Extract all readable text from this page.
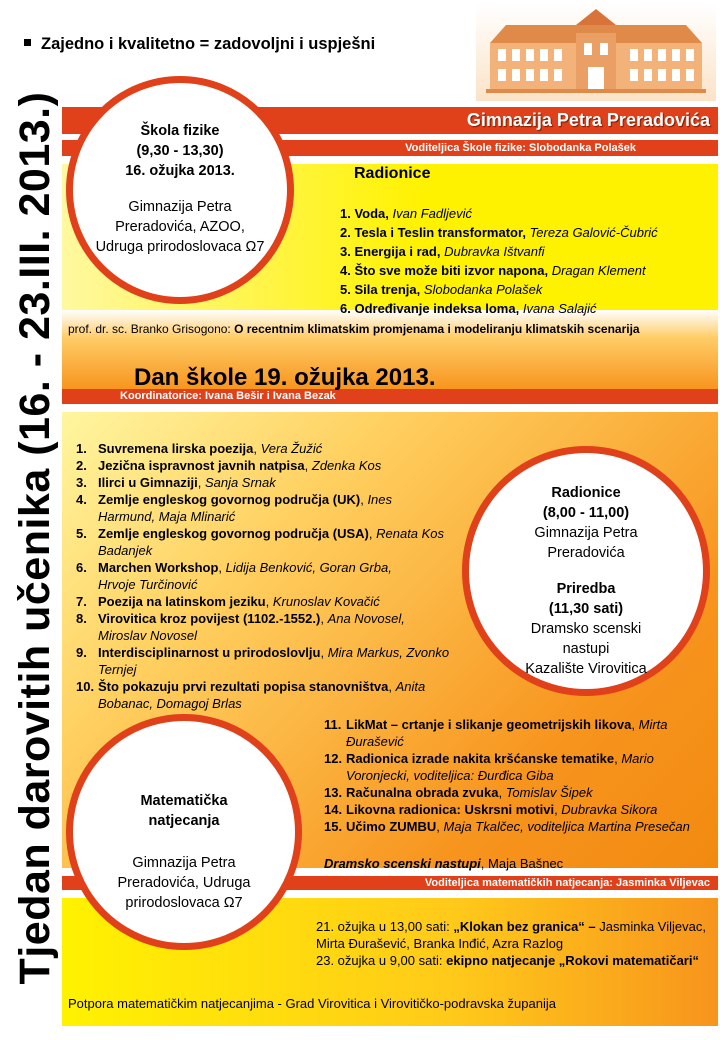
Gimnazija Petra Preradovića
Voditeljica Škole fizike: Slobodanka Polašek
Koordinatorice: Ivana Bešir i Ivana Bezak
Voditeljica matematičkih natjecanja: Jasminka Viljevac
Tjedan darovitih učenika (16. - 23.III. 2013.)
Zajedno i kvalitetno = zadovoljni i uspješni
Škola fizike
(9,30 - 13,30)
16. ožujka 2013.
Gimnazija Petra Preradovića, AZOO, Udruga prirodoslovaca Ω7
Radionice
1. Voda, Ivan Fadljević
2. Tesla i Teslin transformator, Tereza Galović-Čubrić
3. Energija i rad, Dubravka Ištvanfi
4. Što sve može biti izvor napona, Dragan Klement
5. Sila trenja, Slobodanka Polašek
6. Određivanje indeksa loma, Ivana Salajić
prof. dr. sc. Branko Grisogono: O recentnim klimatskim promjenama i modeliranju klimatskih scenarija
Dan škole 19. ožujka 2013.
1. Suvremena lirska poezija, Vera Žužić
2. Jezična ispravnost javnih natpisa, Zdenka Kos
3. Ilirci u Gimnaziji, Sanja Srnak
4. Zemlje engleskog govornog područja (UK), Ines Harmund, Maja Mlinarić
5. Zemlje engleskog govornog područja (USA), Renata Kos Badanjek
6. Marchen Workshop, Lidija Benković, Goran Grba, Hrvoje Turčinović
7. Poezija na latinskom jeziku, Krunoslav Kovačić
8. Virovitica kroz povijest (1102.-1552.), Ana Novosel, Miroslav Novosel
9. Interdisciplinarnost u prirodoslovlju, Mira Markus, Zvonko Ternjej
10. Što pokazuju prvi rezultati popisa stanovništva, Anita Bobanac, Domagoj Brlas
Radionice
(8,00 - 11,00)
Gimnazija Petra Preradovića
Priredba
(11,30 sati)
Dramsko scenski nastupi
Kazalište Virovitica
11. LikMat – crtanje i slikanje geometrijskih likova, Mirta Đurašević
12. Radionica izrade nakita kršćanske tematike, Mario Voronjecki, voditeljica: Đurđica Giba
13. Računalna obrada zvuka, Tomislav Šipek
14. Likovna radionica: Uskrsni motivi, Dubravka Sikora
15. Učimo ZUMBU, Maja Tkalčec, voditeljica Martina Presečan
Dramsko scenski nastupi, Maja Bašnec
Matematička natjecanja
Gimnazija Petra Preradovića, Udruga prirodoslovaca Ω7
21. ožujka u 13,00 sati: „Klokan bez granica“ – Jasminka Viljevac, Mirta Đurašević, Branka Inđić, Azra Razlog
23. ožujka u 9,00 sati: ekipno natjecanje „Rokovi matematičari“
Potpora matematičkim natjecanjima - Grad Virovitica i Virovitičko-podravska županija
